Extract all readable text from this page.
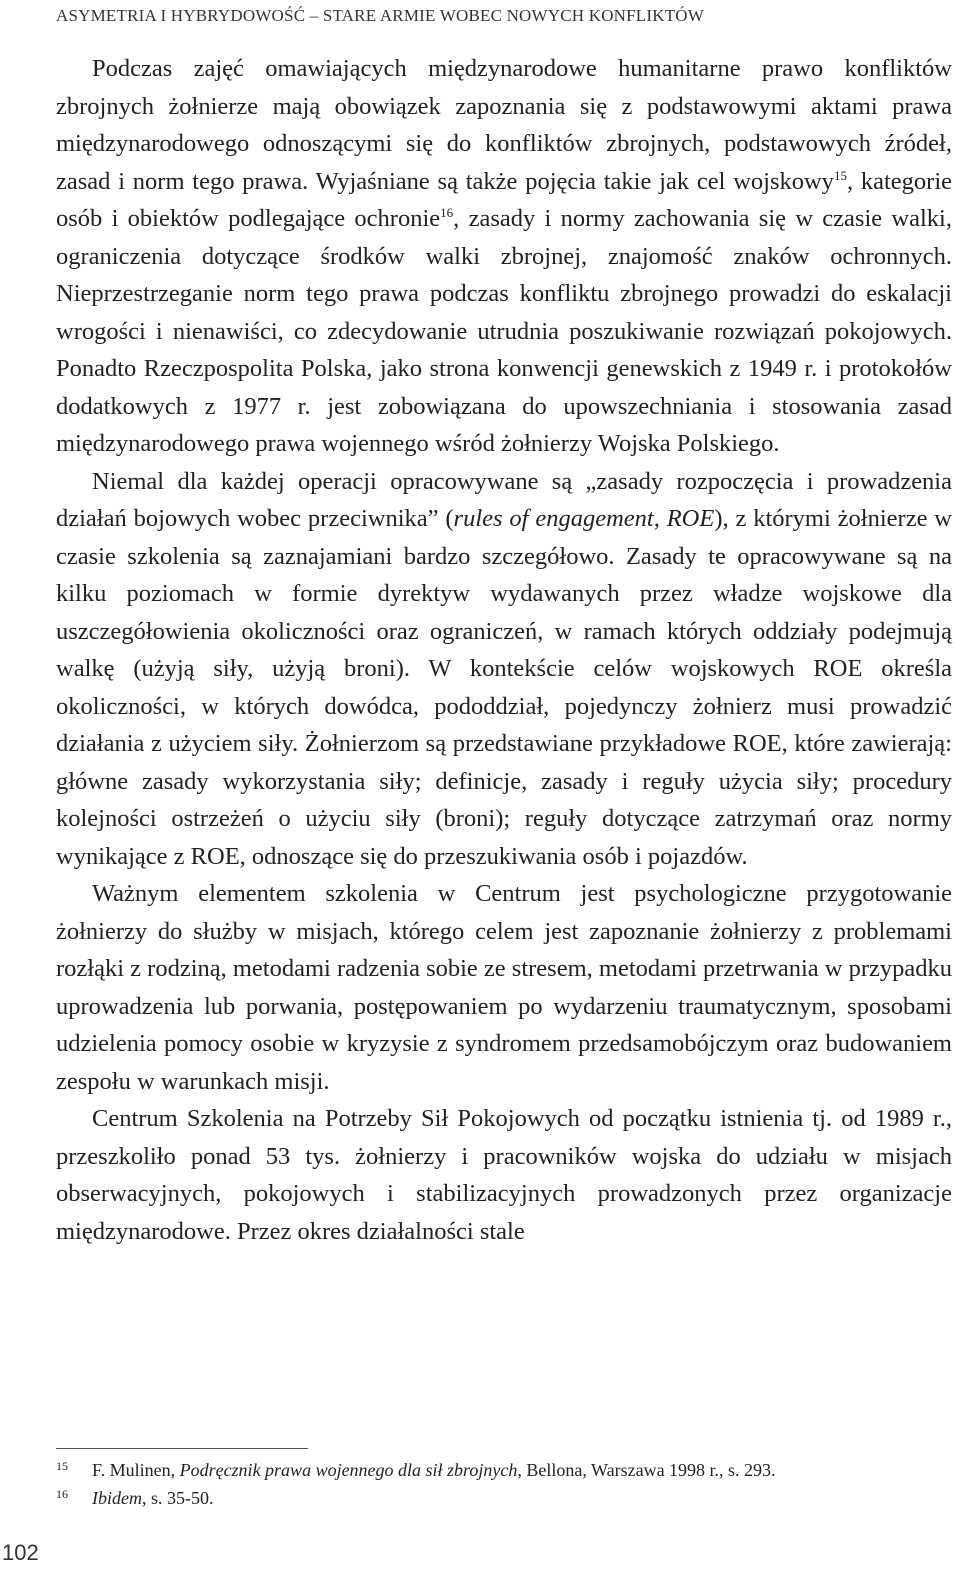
ASYMETRIA I HYBRYDOWOŚĆ – STARE ARMIE WOBEC NOWYCH KONFLIKTÓW

Podczas zajęć omawiających międzynarodowe humanitarne prawo konfliktów zbrojnych żołnierze mają obowiązek zapoznania się z podstawowymi aktami prawa międzynarodowego odnoszącymi się do konfliktów zbrojnych, podstawowych źródeł, zasad i norm tego prawa. Wyjaśniane są także pojęcia takie jak cel wojskowy$^{15}$, kategorie osób i obiektów podlegające ochronie$^{16}$, zasady i normy zachowania się w czasie walki, ograniczenia dotyczące środków walki zbrojnej, znajomość znaków ochronnych. Nieprzestrzeganie norm tego prawa podczas konfliktu zbrojnego prowadzi do eskalacji wrogości i nienawiści, co zdecydowanie utrudnia poszukiwanie rozwiązań pokojowych. Ponadto Rzeczpospolita Polska, jako strona konwencji genewskich z 1949 r. i protokołów dodatkowych z 1977 r. jest zobowiązana do upowszechniania i stosowania zasad międzynarodowego prawa wojennego wśród żołnierzy Wojska Polskiego.

Niemal dla każdej operacji opracowywane są „zasady rozpoczęcia i prowadzenia działań bojowych wobec przeciwnika” (rules of engagement, ROE), z którymi żołnierze w czasie szkolenia są zaznajamiani bardzo szczegółowo. Zasady te opracowywane są na kilku poziomach w formie dyrektyw wydawanych przez władze wojskowe dla uszczegółowienia okoliczności oraz ograniczeń, w ramach których oddziały podejmują walkę (użyją siły, użyją broni). W kontekście celów wojskowych ROE określa okoliczności, w których dowódca, pododdział, pojedynczy żołnierz musi prowadzić działania z użyciem siły. Żołnierzom są przedstawiane przykładowe ROE, które zawierają: główne zasady wykorzystania siły; definicje, zasady i reguły użycia siły; procedury kolejności ostrzeżeń o użyciu siły (broni); reguły dotyczące zatrzymań oraz normy wynikające z ROE, odnoszące się do przeszukiwania osób i pojazdów.

Ważnym elementem szkolenia w Centrum jest psychologiczne przygotowanie żołnierzy do służby w misjach, którego celem jest zapoznanie żołnierzy z problemami rozłąki z rodziną, metodami radzenia sobie ze stresem, metodami przetrwania w przypadku uprowadzenia lub porwania, postępowaniem po wydarzeniu traumatycznym, sposobami udzielenia pomocy osobie w kryzysie z syndromem przedsamobójczym oraz budowaniem zespołu w warunkach misji.

Centrum Szkolenia na Potrzeby Sił Pokojowych od początku istnienia tj. od 1989 r., przeszkoliło ponad 53 tys. żołnierzy i pracowników wojska do udziału w misjach obserwacyjnych, pokojowych i stabilizacyjnych prowadzonych przez organizacje międzynarodowe. Przez okres działalności stale

15	F. Mulinen, Podręcznik prawa wojennego dla sił zbrojnych, Bellona, Warszawa 1998 r., s. 293.
16	Ibidem, s. 35-50.
102
